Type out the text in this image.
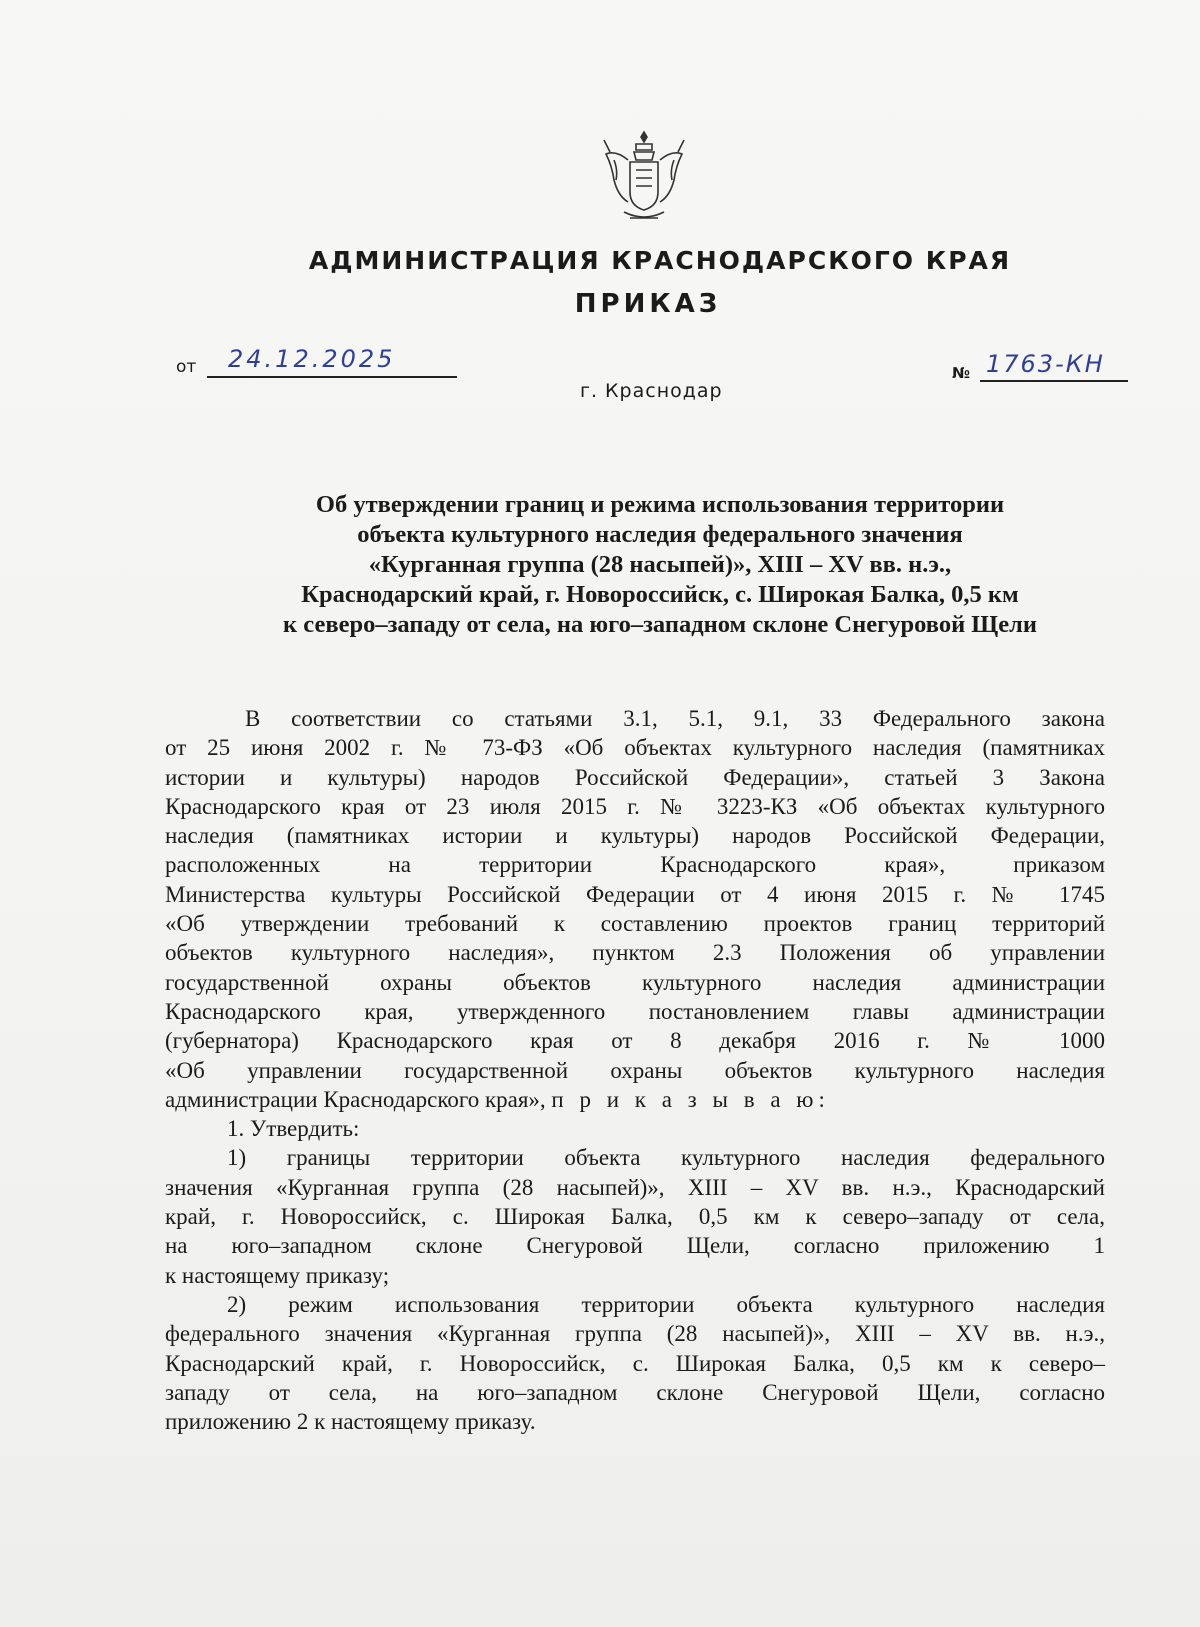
АДМИНИСТРАЦИЯ КРАСНОДАРСКОГО КРАЯ
ПРИКАЗ
от 24.12.2025
г. Краснодар
№ 1763-КН
Об утверждении границ и режима использования территории
объекта культурного наследия федерального значения
«Курганная группа (28 насыпей)», XIII – XV вв. н.э.,
Краснодарский край, г. Новороссийск, с. Широкая Балка, 0,5 км
к северо–западу от села, на юго–западном склоне Снегуровой Щели
В соответствии со статьями 3.1, 5.1, 9.1, 33 Федерального закона
от 25 июня 2002 г. № 73-ФЗ «Об объектах культурного наследия (памятниках
истории и культуры) народов Российской Федерации», статьей 3 Закона
Краснодарского края от 23 июля 2015 г. № 3223-КЗ «Об объектах культурного
наследия (памятниках истории и культуры) народов Российской Федерации,
расположенных на территории Краснодарского края», приказом
Министерства культуры Российской Федерации от 4 июня 2015 г. № 1745
«Об утверждении требований к составлению проектов границ территорий
объектов культурного наследия», пунктом 2.3 Положения об управлении
государственной охраны объектов культурного наследия администрации
Краснодарского края, утвержденного постановлением главы администрации
(губернатора) Краснодарского края от 8 декабря 2016 г. № 1000
«Об управлении государственной охраны объектов культурного наследия
администрации Краснодарского края», п р и к а з ы в а ю:
1. Утвердить:
1) границы территории объекта культурного наследия федерального
значения «Курганная группа (28 насыпей)», XIII – XV вв. н.э., Краснодарский
край, г. Новороссийск, с. Широкая Балка, 0,5 км к северо–западу от села,
на юго–западном склоне Снегуровой Щели, согласно приложению 1
к настоящему приказу;
2) режим использования территории объекта культурного наследия
федерального значения «Курганная группа (28 насыпей)», XIII – XV вв. н.э.,
Краснодарский край, г. Новороссийск, с. Широкая Балка, 0,5 км к северо–
западу от села, на юго–западном склоне Снегуровой Щели, согласно
приложению 2 к настоящему приказу.
